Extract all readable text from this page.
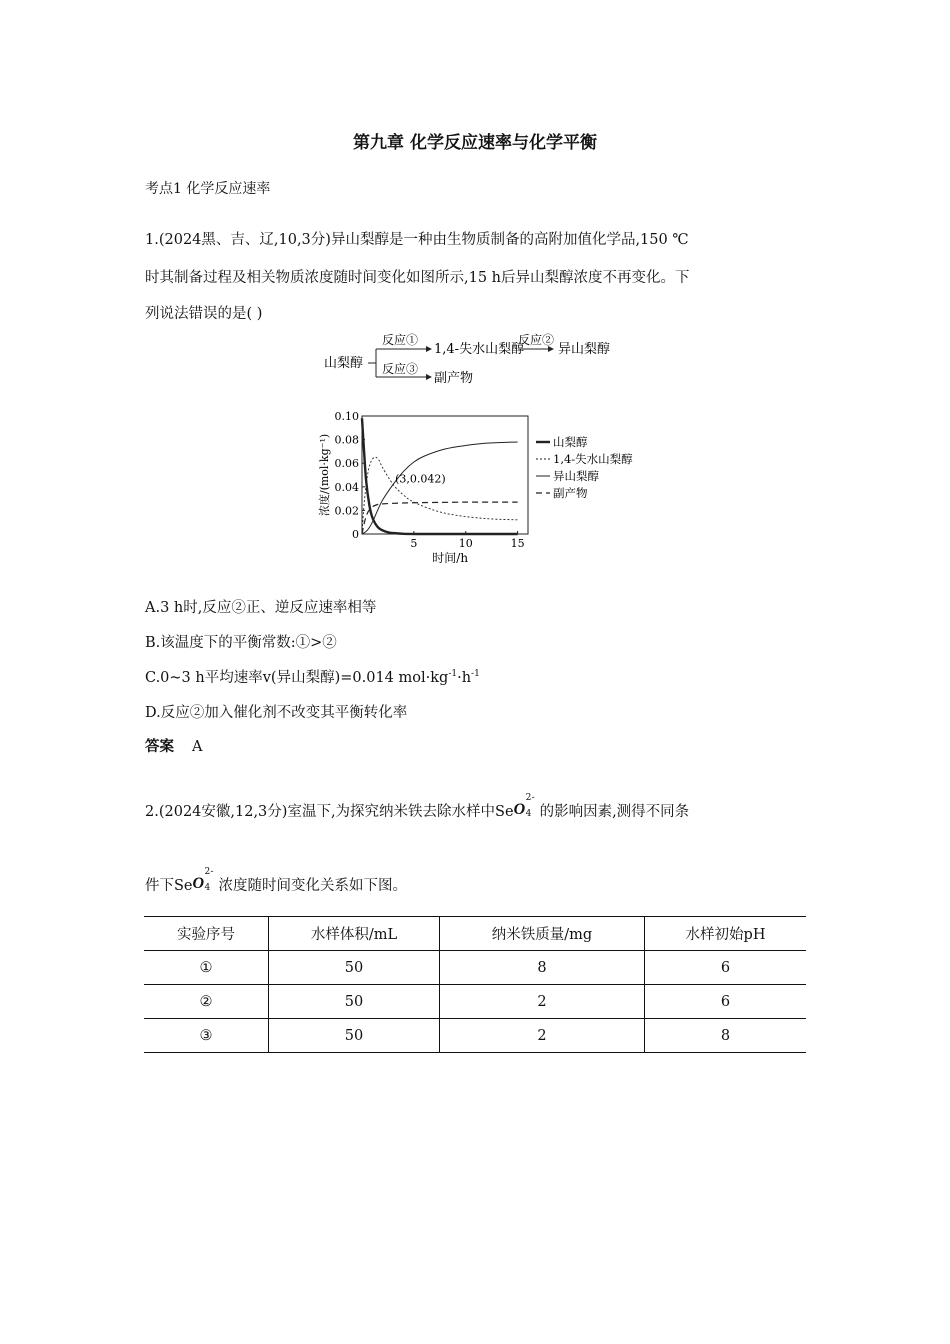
第九章 化学反应速率与化学平衡
考点1 化学反应速率
1.(2024黑、吉、辽,10,3分)异山梨醇是一种由生物质制备的高附加值化学品,150 ℃
时其制备过程及相关物质浓度随时间变化如图所示,15 h后异山梨醇浓度不再变化。下
列说法错误的是( )
山梨醇
反应①
反应③
1,4-失水山梨醇
反应②
异山梨醇
副产物
0
0.02
0.04
0.06
0.08
0.10
5	10	15
山梨醇
1,4-失水山梨醇
异山梨醇
副产物
浓度/(mol·kg⁻¹)
时间/h
(3,0.042)
A.3 h时,反应②正、逆反应速率相等
B.该温度下的平衡常数:①>②
C.0~3 h平均速率v(异山梨醇)=0.014 $mol\cdot kg^{-1}\cdot h^{-1}$
D.反应②加入催化剂不改变其平衡转化率
答案 A
2.(2024安徽,12,3分)室温下,为探究纳米铁去除水样中Se O
2
4
-
的影响因素,测得不同条
件下Se O
2
4
-
浓度随时间变化关系如下图。
实验序号	水样体积/mL	纳米铁质量/mg	水样初始pH
①	50	8	6
②	50	2	6
③	50	2	8
